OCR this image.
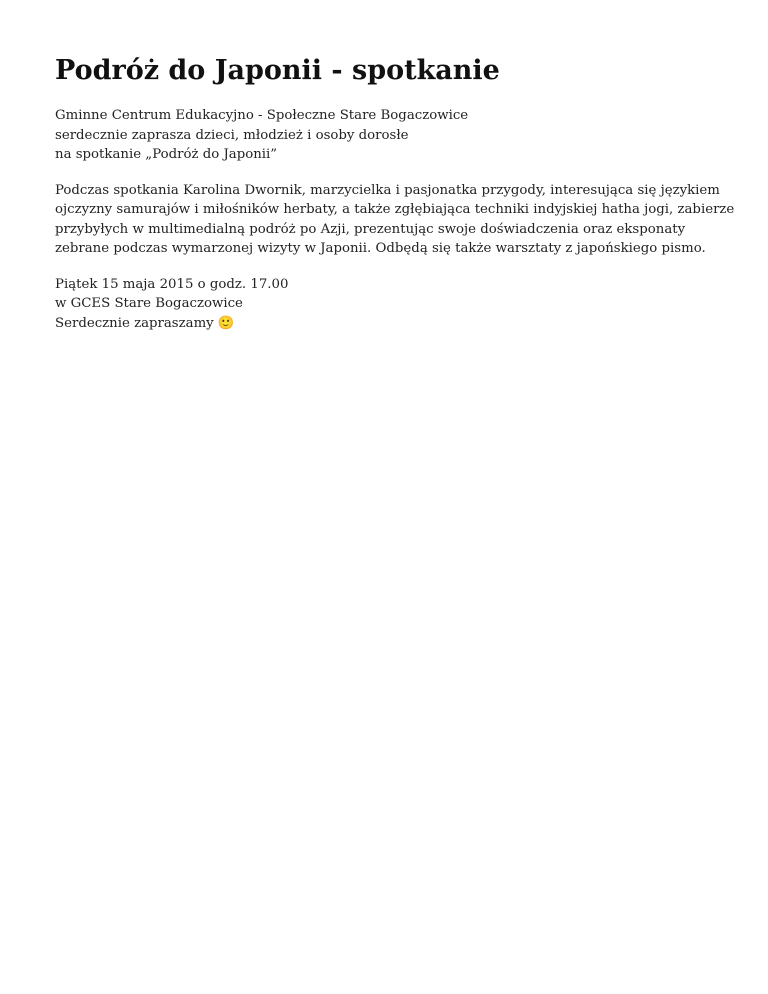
Podróż do Japonii - spotkanie

Gminne Centrum Edukacyjno - Społeczne Stare Bogaczowice
serdecznie zaprasza dzieci, młodzież i osoby dorosłe
na spotkanie „Podróż do Japonii”

Podczas spotkania Karolina Dwornik, marzycielka i pasjonatka przygody, interesująca się językiem
ojczyzny samurajów i miłośników herbaty, a także zgłębiająca techniki indyjskiej hatha jogi, zabierze
przybyłych w multimedialną podróż po Azji, prezentując swoje doświadczenia oraz eksponaty
zebrane podczas wymarzonej wizyty w Japonii. Odbędą się także warsztaty z japońskiego pismo.

Piątek 15 maja 2015 o godz. 17.00
w GCES Stare Bogaczowice
Serdecznie zapraszamy 🙂
